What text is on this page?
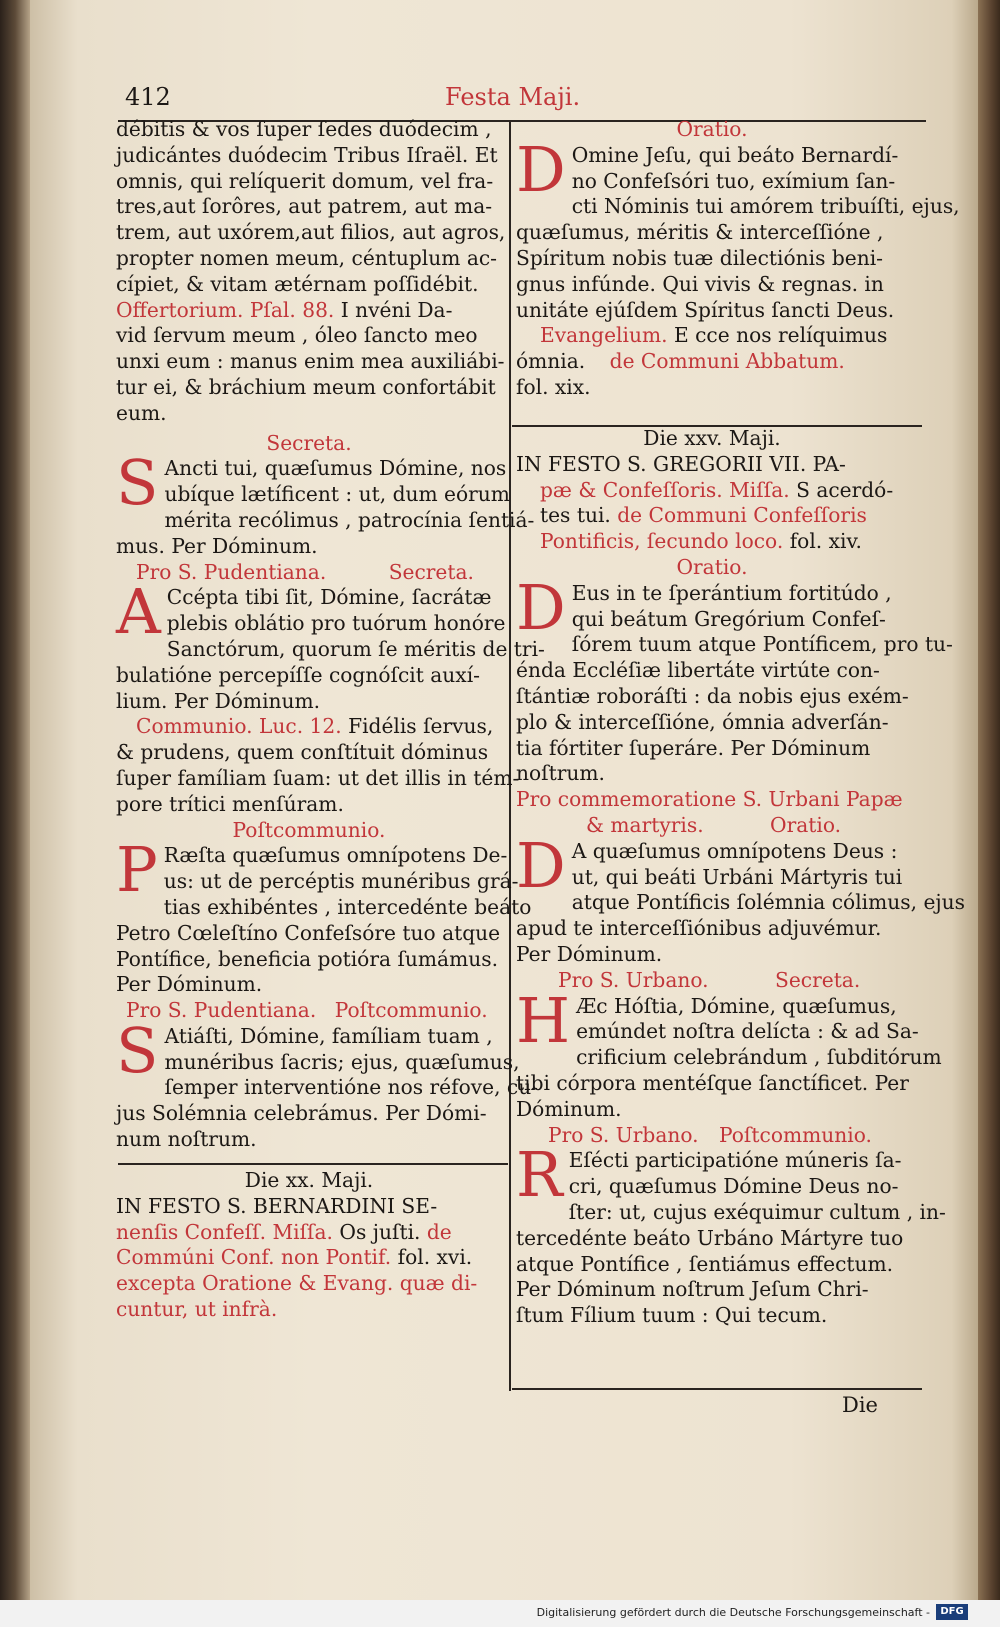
412	Festa Maji.
débitis & vos ſuper ſedes duódecim ,
judicántes duódecim Tribus Iſraël. Et
omnis, qui relíquerit domum, vel fra-
tres,aut ſorôres, aut patrem, aut ma-
trem, aut uxórem,aut filios, aut agros,
propter nomen meum, céntuplum ac-
cípiet, & vitam ætérnam poſſidébit.
Offertorium. Pſal. 88. I nvéni Da-
vid ſervum meum , óleo ſancto meo
unxi eum : manus enim mea auxiliábi-
tur ei, & bráchium meum confortábit
eum.
Secreta.
S Ancti tui, quæſumus Dómine, nos
ubíque lætíficent : ut, dum eórum
mérita recólimus , patrocínia ſentiá-
mus. Per Dóminum.
Pro S. Pudentiana.	Secreta.
A Ccépta tibi ſit, Dómine, ſacrátæ
plebis oblátio pro tuórum honóre
Sanctórum, quorum ſe méritis de tri-
bulatióne percepíſſe cognóſcit auxí-
lium. Per Dóminum.
Communio. Luc. 12. Fidélis ſervus,
& prudens, quem conſtítuit dóminus
ſuper famíliam ſuam: ut det illis in tém-
pore trítici menſúram.
Poſtcommunio.
P Ræſta quæſumus omnípotens De-
us: ut de percéptis munéribus grá-
tias exhibéntes , intercedénte beáto
Petro Cœleſtíno Confeſsóre tuo atque
Pontífice, beneficia potióra ſumámus.
Per Dóminum.
Pro S. Pudentiana. Poſtcommunio.
S Atiáſti, Dómine, famíliam tuam ,
munéribus ſacris; ejus, quæſumus,
ſemper interventióne nos réfove, cu-
jus Solémnia celebrámus. Per Dómi-
num noſtrum.
Die xx. Maji.
IN FESTO S. BERNARDINI SE-
nenſis Confeſſ. Miſſa. Os juſti. de
Commúni Conf. non Pontif. fol. xvi.
excepta Oratione & Evang. quæ di-
cuntur, ut infrà.
Oratio.
D Omine Jeſu, qui beáto Bernardí-
no Confeſsóri tuo, exímium ſan-
cti Nóminis tui amórem tribuíſti, ejus,
quæſumus, méritis & interceſſióne ,
Spíritum nobis tuæ dilectiónis beni-
gnus infúnde. Qui vivis & regnas. in
unitáte ejúſdem Spíritus ſancti Deus.
Evangelium. E cce nos relíquimus
ómnia. de Communi Abbatum.
fol. xix.
Die xxv. Maji.
IN FESTO S. GREGORII VII. PA-
pæ & Confeſſoris. Miſſa. S acerdó-
tes tui. de Communi Confeſſoris
Pontificis, ſecundo loco. fol. xiv.
Oratio.
D Eus in te ſperántium fortitúdo ,
qui beátum Gregórium Confeſ-
ſórem tuum atque Pontíficem, pro tu-
énda Eccléſiæ libertáte virtúte con-
ſtántiæ roboráſti : da nobis ejus exém-
plo & interceſſióne, ómnia adverſán-
tia fórtiter ſuperáre. Per Dóminum
noſtrum.
Pro commemoratione S. Urbani Papæ
& martyris.	Oratio.
D A quæſumus omnípotens Deus :
ut, qui beáti Urbáni Mártyris tui
atque Pontíficis ſolémnia cólimus, ejus
apud te interceſſiónibus adjuvémur.
Per Dóminum.
Pro S. Urbano.	Secreta.
H Æc Hóſtia, Dómine, quæſumus,
emúndet noſtra delícta : & ad Sa-
crificium celebrándum , ſubditórum
tibi córpora mentéſque ſanctíficet. Per
Dóminum.
Pro S. Urbano. Poſtcommunio.
R Eſécti participatióne múneris ſa-
cri, quæſumus Dómine Deus no-
ſter: ut, cujus exéquimur cultum , in-
tercedénte beáto Urbáno Mártyre tuo
atque Pontífice , ſentiámus effectum.
Per Dóminum noſtrum Jeſum Chri-
ſtum Fílium tuum : Qui tecum.
Die
Digitalisierung gefördert durch die Deutsche Forschungsgemeinschaft -	DFG
